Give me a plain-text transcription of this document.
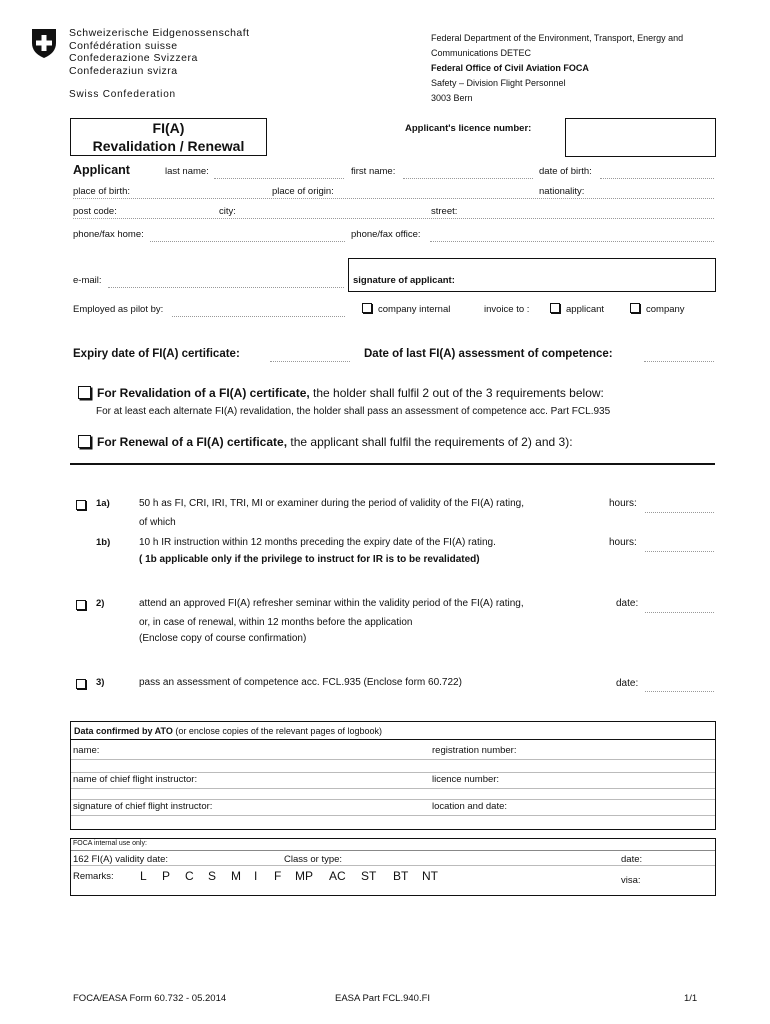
Schweizerische Eidgenossenschaft
Confédération suisse
Confederazione Svizzera
Confederaziun svizra
Swiss Confederation
Federal Department of the Environment, Transport, Energy and
Communications DETEC
Federal Office of Civil Aviation FOCA
Safety – Division Flight Personnel
3003 Bern
FI(A)
Revalidation / Renewal
Applicant's licence number:
Applicant	last name:	first name:	date of birth:
place of birth:	place of origin:	nationality:
post code:	city:	street:
phone/fax home:	phone/fax office:
e-mail:	signature of applicant:
Employed as pilot by:	company internal	invoice to :	applicant	company
Expiry date of FI(A) certificate:	Date of last FI(A) assessment of competence:
For Revalidation of a FI(A) certificate, the holder shall fulfil 2 out of the 3 requirements below:
For at least each alternate FI(A) revalidation, the holder shall pass an assessment of competence acc. Part FCL.935
For Renewal of a FI(A) certificate, the applicant shall fulfil the requirements of 2) and 3):
1a)	50 h as FI, CRI, IRI, TRI, MI or examiner during the period of validity of the FI(A) rating,
of which
hours:
1b)	10 h IR instruction within 12 months preceding the expiry date of the FI(A) rating.
( 1b applicable only if the privilege to instruct for IR is to be revalidated)
hours:
2)	attend an approved FI(A) refresher seminar within the validity period of the FI(A) rating,
or, in case of renewal, within 12 months before the application
(Enclose copy of course confirmation)
date:
3)	pass an assessment of competence acc. FCL.935 (Enclose form 60.722)	date:
Data confirmed by ATO (or enclose copies of the relevant pages of logbook)
name:	registration number:
name of chief flight instructor:	licence number:
signature of chief flight instructor:	location and date:
FOCA internal use only:
162 FI(A) validity date:	Class or type:	date:
Remarks: L P C S M I F MP AC ST BT NT	visa:
FOCA/EASA Form 60.732 - 05.2014	EASA Part FCL.940.FI	1/1
